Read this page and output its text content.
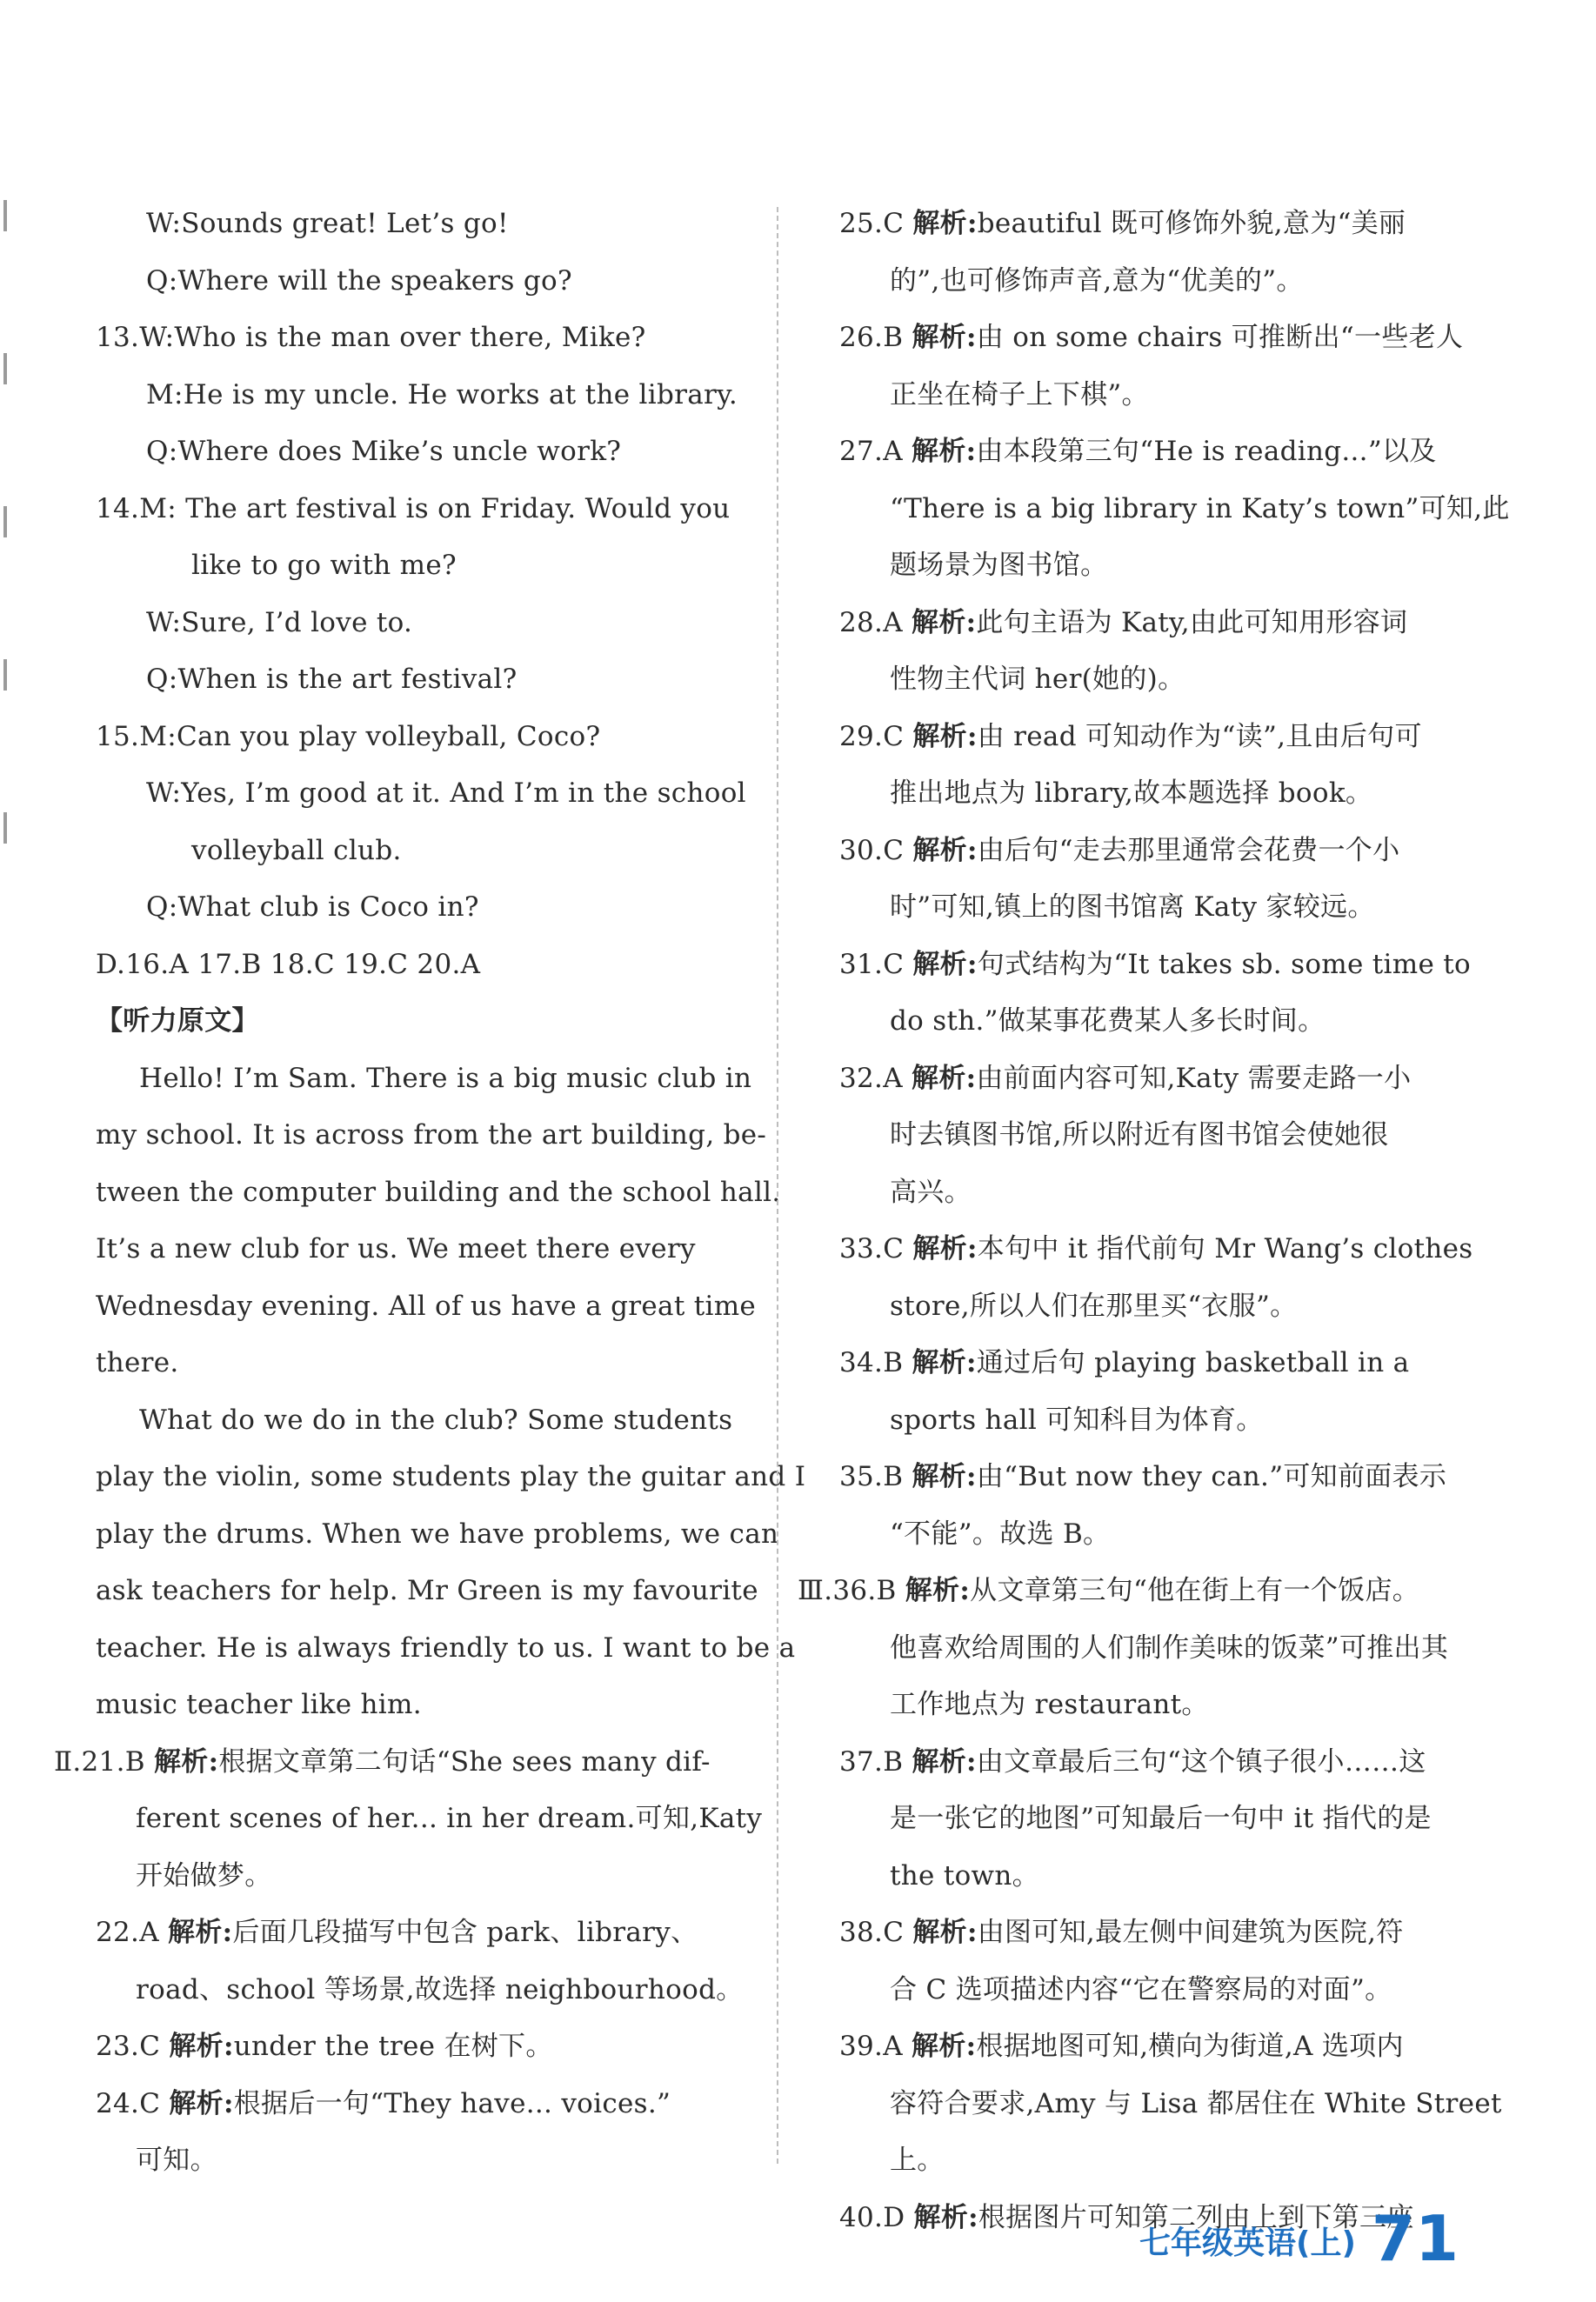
W:Sounds great! Let’s go!
Q:Where will the speakers go?
13.W:Who is the man over there, Mike?
M:He is my uncle. He works at the library.
Q:Where does Mike’s uncle work?
14.M: The art festival is on Friday. Would you
like to go with me?
W:Sure, I’d love to.
Q:When is the art festival?
15.M:Can you play volleyball, Coco?
W:Yes, I’m good at it. And I’m in the school
volleyball club.
Q:What club is Coco in?
D.16.A 17.B 18.C 19.C 20.A
【听力原文】
Hello! I’m Sam. There is a big music club in
my school. It is across from the art building, be-
tween the computer building and the school hall.
It’s a new club for us. We meet there every
Wednesday evening. All of us have a great time
there.
What do we do in the club? Some students
play the violin, some students play the guitar and I
play the drums. When we have problems, we can
ask teachers for help. Mr Green is my favourite
teacher. He is always friendly to us. I want to be a
music teacher like him.
Ⅱ.21.B 解析:根据文章第二句话“She sees many dif-
ferent scenes of her... in her dream.可知,Katy
开始做梦。
22.A 解析:后面几段描写中包含 park、library、
road、school 等场景,故选择 neighbourhood。
23.C 解析:under the tree 在树下。
24.C 解析:根据后一句“They have... voices.”
可知。
25.C 解析:beautiful 既可修饰外貌,意为“美丽
的”,也可修饰声音,意为“优美的”。
26.B 解析:由 on some chairs 可推断出“一些老人
正坐在椅子上下棋”。
27.A 解析:由本段第三句“He is reading...”以及
“There is a big library in Katy’s town”可知,此
题场景为图书馆。
28.A 解析:此句主语为 Katy,由此可知用形容词
性物主代词 her(她的)。
29.C 解析:由 read 可知动作为“读”,且由后句可
推出地点为 library,故本题选择 book。
30.C 解析:由后句“走去那里通常会花费一个小
时”可知,镇上的图书馆离 Katy 家较远。
31.C 解析:句式结构为“It takes sb. some time to
do sth.”做某事花费某人多长时间。
32.A 解析:由前面内容可知,Katy 需要走路一小
时去镇图书馆,所以附近有图书馆会使她很
高兴。
33.C 解析:本句中 it 指代前句 Mr Wang’s clothes
store,所以人们在那里买“衣服”。
34.B 解析:通过后句 playing basketball in a
sports hall 可知科目为体育。
35.B 解析:由“But now they can.”可知前面表示
“不能”。故选 B。
Ⅲ.36.B 解析:从文章第三句“他在街上有一个饭店。
他喜欢给周围的人们制作美味的饭菜”可推出其
工作地点为 restaurant。
37.B 解析:由文章最后三句“这个镇子很小……这
是一张它的地图”可知最后一句中 it 指代的是
the town。
38.C 解析:由图可知,最左侧中间建筑为医院,符
合 C 选项描述内容“它在警察局的对面”。
39.A 解析:根据地图可知,横向为街道,A 选项内
容符合要求,Amy 与 Lisa 都居住在 White Street
上。
40.D 解析:根据图片可知第二列由上到下第三座
七年级英语(上) 71
